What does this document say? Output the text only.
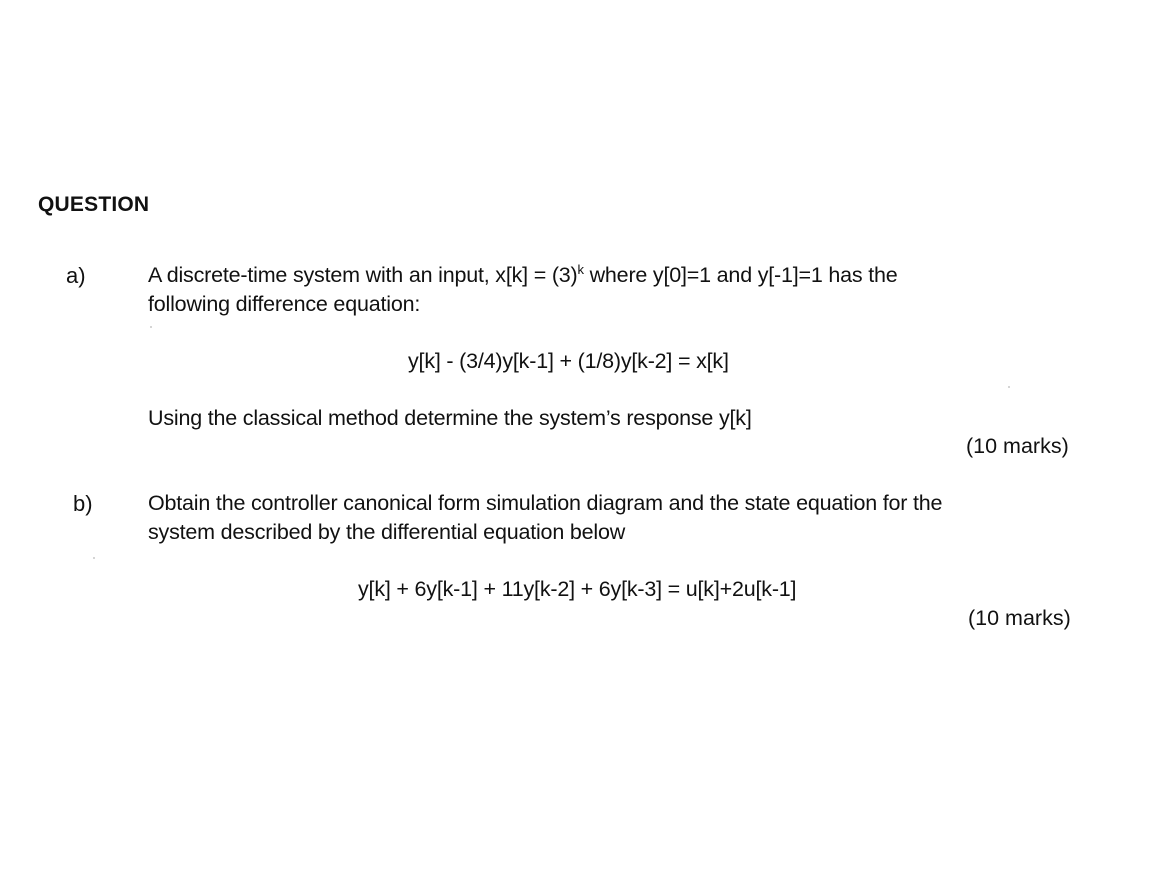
QUESTION
a)	A discrete-time system with an input, $x[k] = (3)^k$ where y[0]=1 and y[-1]=1 has the
following difference equation:
y[k] - (3/4)y[k-1] + (1/8)y[k-2] = x[k]
Using the classical method determine the system’s response y[k]
(10 marks)
b)	Obtain the controller canonical form simulation diagram and the state equation for the
system described by the differential equation below
y[k] + 6y[k-1] + 11y[k-2] + 6y[k-3] = u[k]+2u[k-1]
(10 marks)
